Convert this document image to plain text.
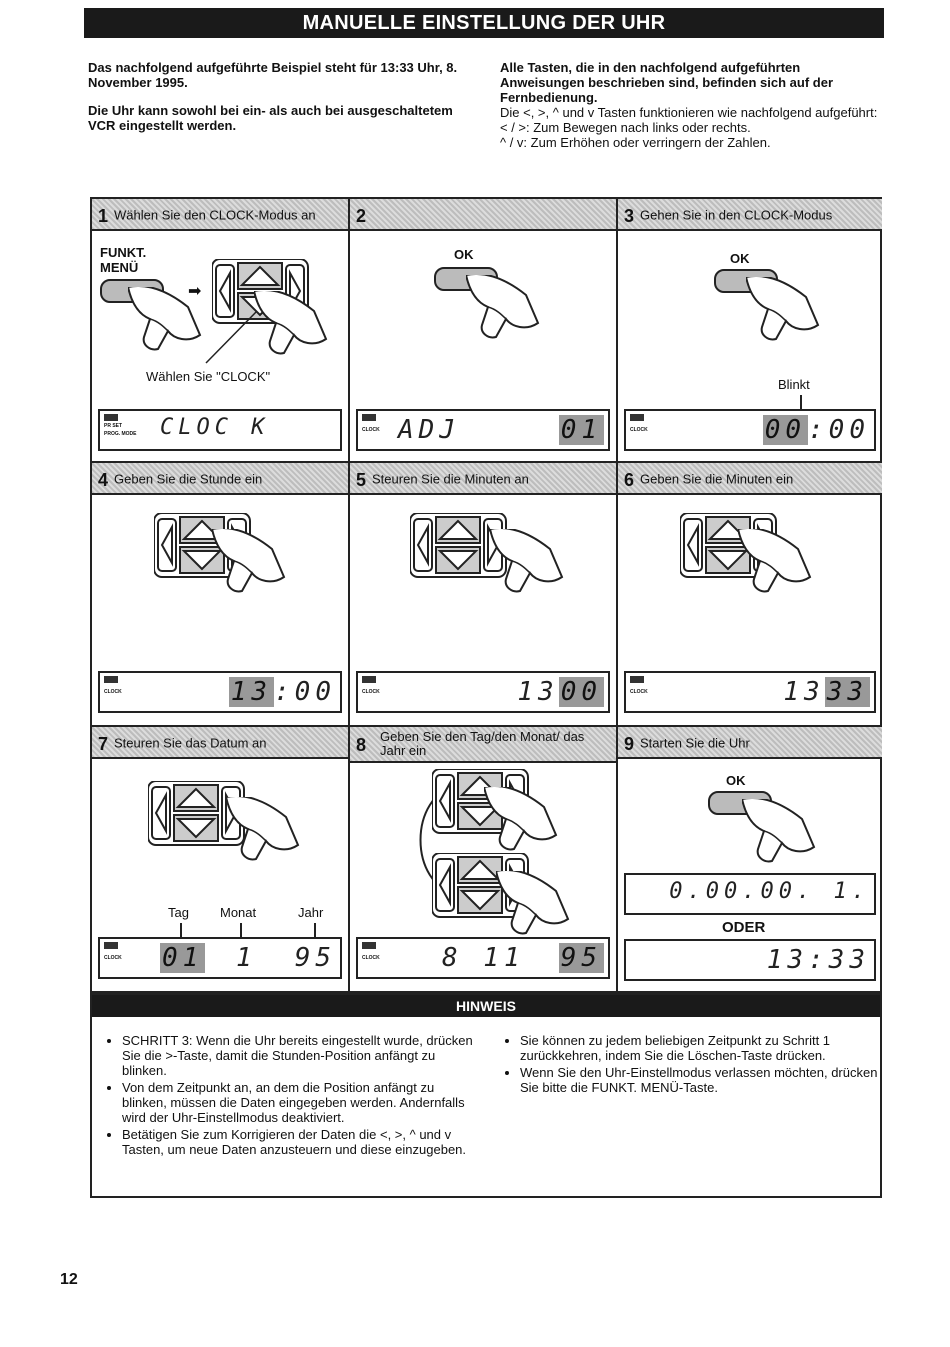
MANUELLE EINSTELLUNG DER UHR

Das nachfolgend aufgeführte Beispiel steht für 13:33 Uhr, 8. November 1995.

Die Uhr kann sowohl bei ein- als auch bei ausgeschaltetem VCR eingestellt werden.

Alle Tasten, die in den nachfolgend aufgeführten Anweisungen beschrieben sind, befinden sich auf der Fernbedienung.
Die <, >, ^ und v Tasten funktionieren wie nachfolgend aufgeführt:
< / >: Zum Bewegen nach links oder rechts.
^ / v: Zum Erhöhen oder verringern der Zahlen.
1 Wählen Sie den CLOCK-Modus an
FUNKT.
MENÜ
➡
Wählen Sie "CLOCK"
PR SET
PROG. MODE CLOC K
2
OK
CLOCK ADJ	01
3 Gehen Sie in den CLOCK-Modus
OK
Blinkt
CLOCK	00:00
4 Geben Sie die Stunde ein
CLOCK	13:00
5 Steuren Sie die Minuten an
CLOCK	1300
6 Geben Sie die Minuten ein
CLOCK	1333
7 Steuren Sie das Datum an
Tag Monat	Jahr
CLOCK 01 1 95
8 Geben Sie den Tag/den Monat/ das Jahr ein
CLOCK 8 11 95
9 Starten Sie die Uhr
OK
0.00.00. 1.
ODER
13:33
HINWEIS
• SCHRITT 3: Wenn die Uhr bereits eingestellt wurde, drücken Sie die >-Taste, damit die Stunden-Position anfängt zu blinken.
• Von dem Zeitpunkt an, an dem die Position anfängt zu blinken, müssen die Daten eingegeben werden. Andernfalls wird der Uhr-Einstellmodus deaktiviert.
• Betätigen Sie zum Korrigieren der Daten die <, >, ^ und v Tasten, um neue Daten anzusteuern und diese einzugeben.
• Sie können zu jedem beliebigen Zeitpunkt zu Schritt 1 zurückkehren, indem Sie die Löschen-Taste drücken.
• Wenn Sie den Uhr-Einstellmodus verlassen möchten, drücken Sie bitte die FUNKT. MENÜ-Taste.
12
